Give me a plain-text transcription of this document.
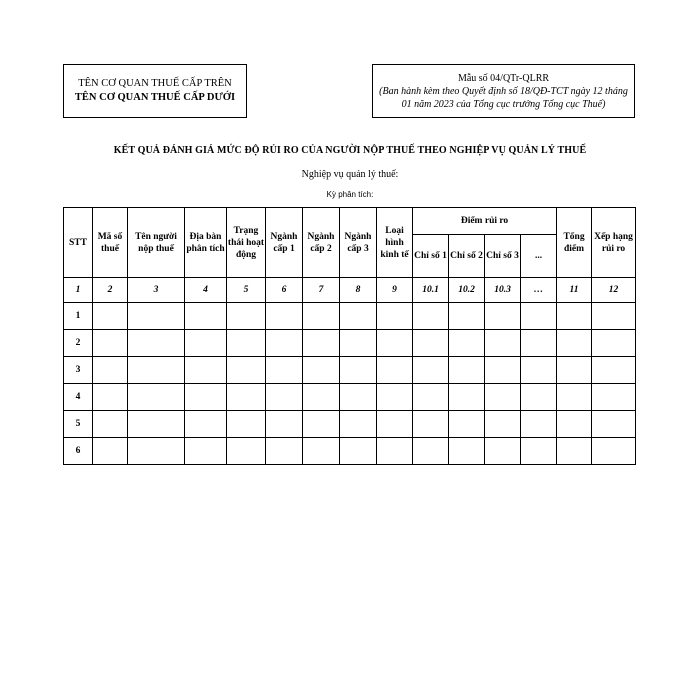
TÊN CƠ QUAN THUẾ CẤP TRÊN
TÊN CƠ QUAN THUẾ CẤP DƯỚI
Mẫu số 04/QTr-QLRR
(Ban hành kèm theo Quyết định số 18/QĐ-TCT ngày 12 tháng 01 năm 2023 của Tổng cục trưởng Tổng cục Thuế)
KẾT QUẢ ĐÁNH GIÁ MỨC ĐỘ RỦI RO CỦA NGƯỜI NỘP THUẾ THEO NGHIỆP VỤ QUẢN LÝ THUẾ
Nghiệp vụ quản lý thuế:
Kỳ phân tích:
STT	Mã số thuế	Tên người nộp thuế	Địa bàn phân tích	Trạng thái hoạt động	Ngành cấp 1	Ngành cấp 2	Ngành cấp 3	Loại hình kinh tế	Điểm rủi ro				Tổng điểm	Xếp hạng rủi ro
									Chỉ số 1	Chỉ số 2	Chỉ số 3	...		
1	2	3	4	5	6	7	8	9	10.1	10.2	10.3	…	11	12
1														
2														
3														
4														
5														
6														
